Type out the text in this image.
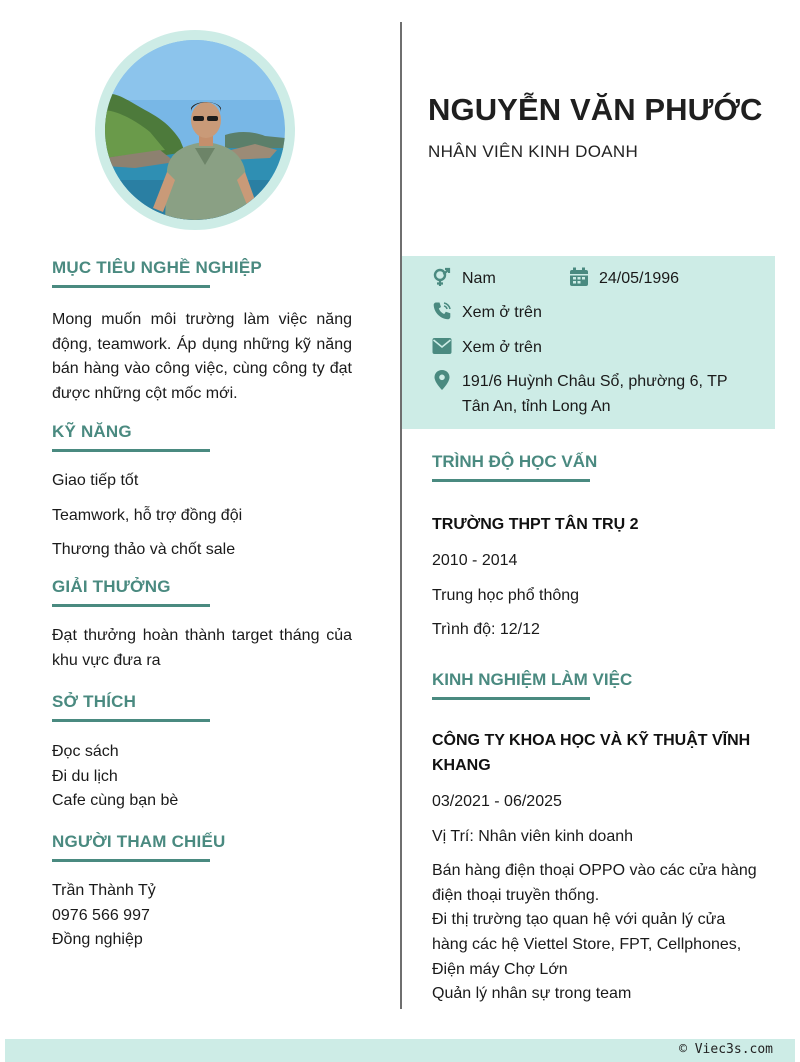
MỤC TIÊU NGHỀ NGHIỆP
Mong muốn môi trường làm việc năng động, teamwork. Áp dụng những kỹ năng bán hàng vào công việc, cùng công ty đạt được những cột mốc mới.
KỸ NĂNG
Giao tiếp tốt
Teamwork, hỗ trợ đồng đội
Thương thảo và chốt sale
GIẢI THƯỞNG
Đạt thưởng hoàn thành target tháng của khu vực đưa ra
SỞ THÍCH
Đọc sách
Đi du lịch
Cafe cùng bạn bè
NGƯỜI THAM CHIẾU
Trần Thành Tỷ
0976 566 997
Đồng nghiệp
NGUYỄN VĂN PHƯỚC
NHÂN VIÊN KINH DOANH
Nam	24/05/1996
Xem ở trên
Xem ở trên
191/6 Huỳnh Châu Sổ, phường 6, TP Tân An, tỉnh Long An
TRÌNH ĐỘ HỌC VẤN
TRƯỜNG THPT TÂN TRỤ 2
2010 - 2014
Trung học phổ thông
Trình độ: 12/12
KINH NGHIỆM LÀM VIỆC
CÔNG TY KHOA HỌC VÀ KỸ THUẬT VĨNH KHANG
03/2021 - 06/2025
Vị Trí: Nhân viên kinh doanh
Bán hàng điện thoại OPPO vào các cửa hàng điện thoại truyền thống.
Đi thị trường tạo quan hệ với quản lý cửa hàng các hệ Viettel Store, FPT, Cellphones, Điện máy Chợ Lớn
Quản lý nhân sự trong team
© Viec3s.com
